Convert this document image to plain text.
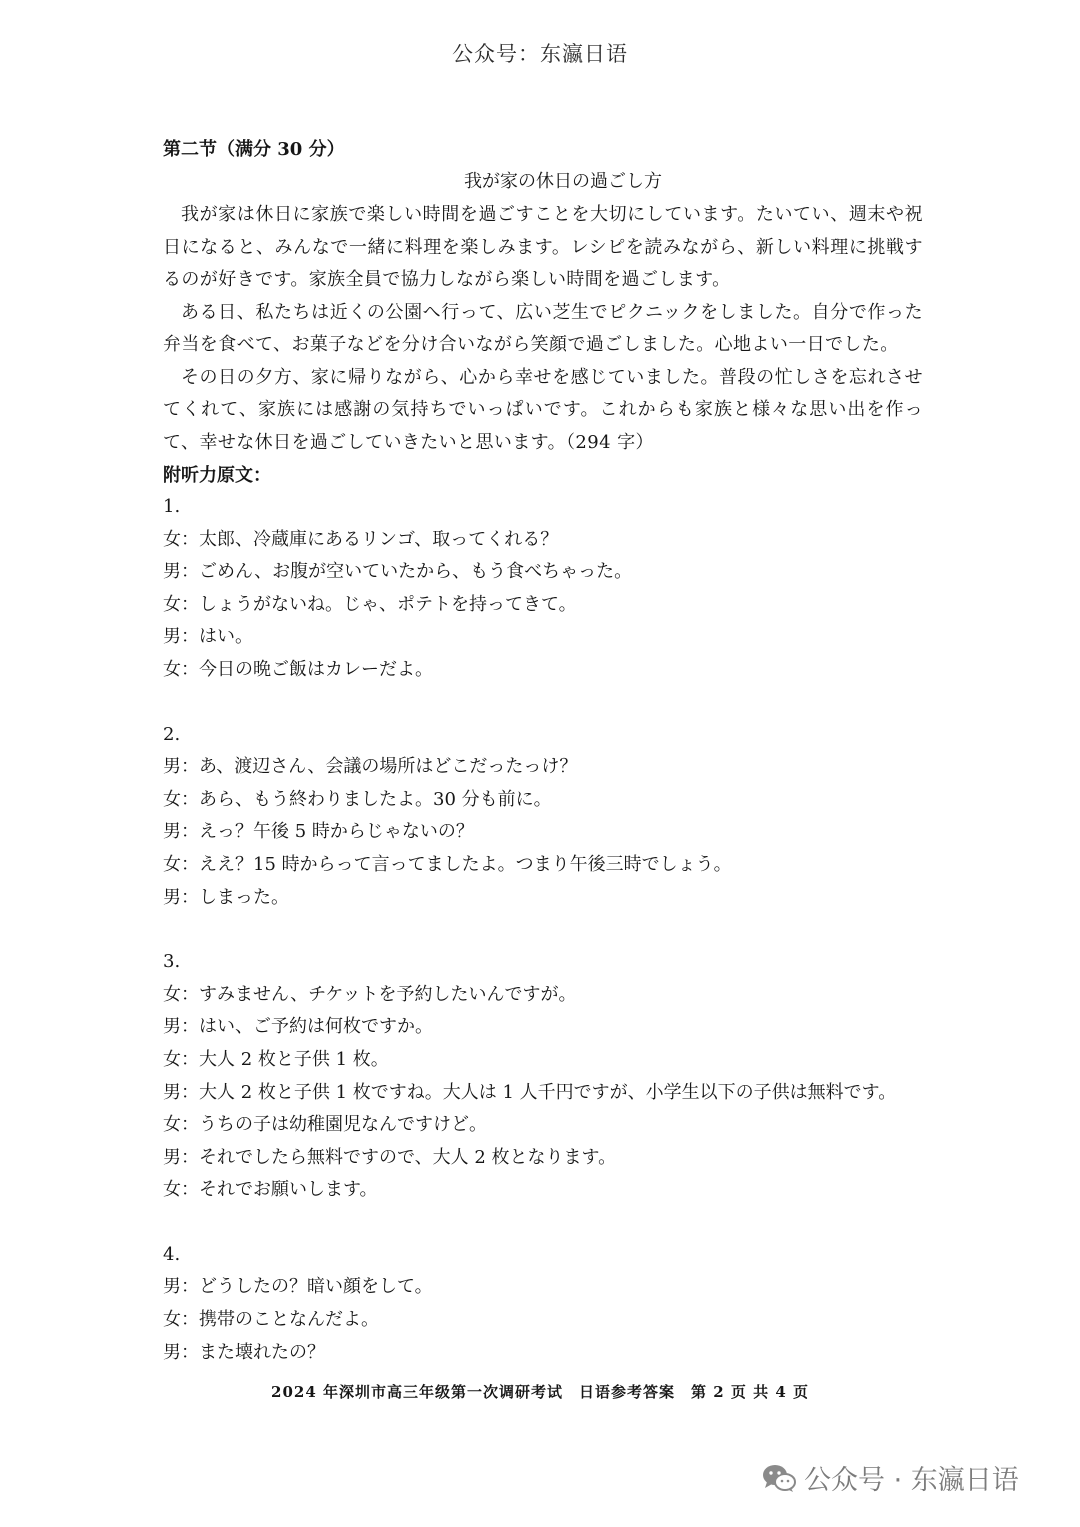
公众号：东瀛日语
第二节（满分 30 分）
我が家の休日の過ごし方

我が家は休日に家族で楽しい時間を過ごすことを大切にしています。たいてい、週末や祝日になると、みんなで一緒に料理を楽しみます。レシピを読みながら、新しい料理に挑戦するのが好きです。家族全員で協力しながら楽しい時間を過ごします。

ある日、私たちは近くの公園へ行って、広い芝生でピクニックをしました。自分で作った弁当を食べて、お菓子などを分け合いながら笑顔で過ごしました。心地よい一日でした。

その日の夕方、家に帰りながら、心から幸せを感じていました。普段の忙しさを忘れさせてくれて、家族には感謝の気持ちでいっぱいです。これからも家族と様々な思い出を作って、幸せな休日を過ごしていきたいと思います。（294 字）

附听力原文：
1.
女：太郎、冷蔵庫にあるリンゴ、取ってくれる？
男：ごめん、お腹が空いていたから、もう食べちゃった。
女：しょうがないね。じゃ、ポテトを持ってきて。
男：はい。
女：今日の晩ご飯はカレーだよ。
2.
男：あ、渡辺さん、会議の場所はどこだったっけ？
女：あら、もう終わりましたよ。30 分も前に。
男：えっ？午後 5 時からじゃないの？
女：ええ？15 時からって言ってましたよ。つまり午後三時でしょう。
男：しまった。
3.
女：すみません、チケットを予約したいんですが。
男：はい、ご予約は何枚ですか。
女：大人 2 枚と子供 1 枚。
男：大人 2 枚と子供 1 枚ですね。大人は 1 人千円ですが、小学生以下の子供は無料です。
女：うちの子は幼稚園児なんですけど。
男：それでしたら無料ですので、大人 2 枚となります。
女：それでお願いします。
4.
男：どうしたの？暗い顔をして。
女：携帯のことなんだよ。
男：また壊れたの？
2024 年深圳市高三年级第一次调研考试　日语参考答案　第 2 页 共 4 页
公众号 · 东瀛日语
